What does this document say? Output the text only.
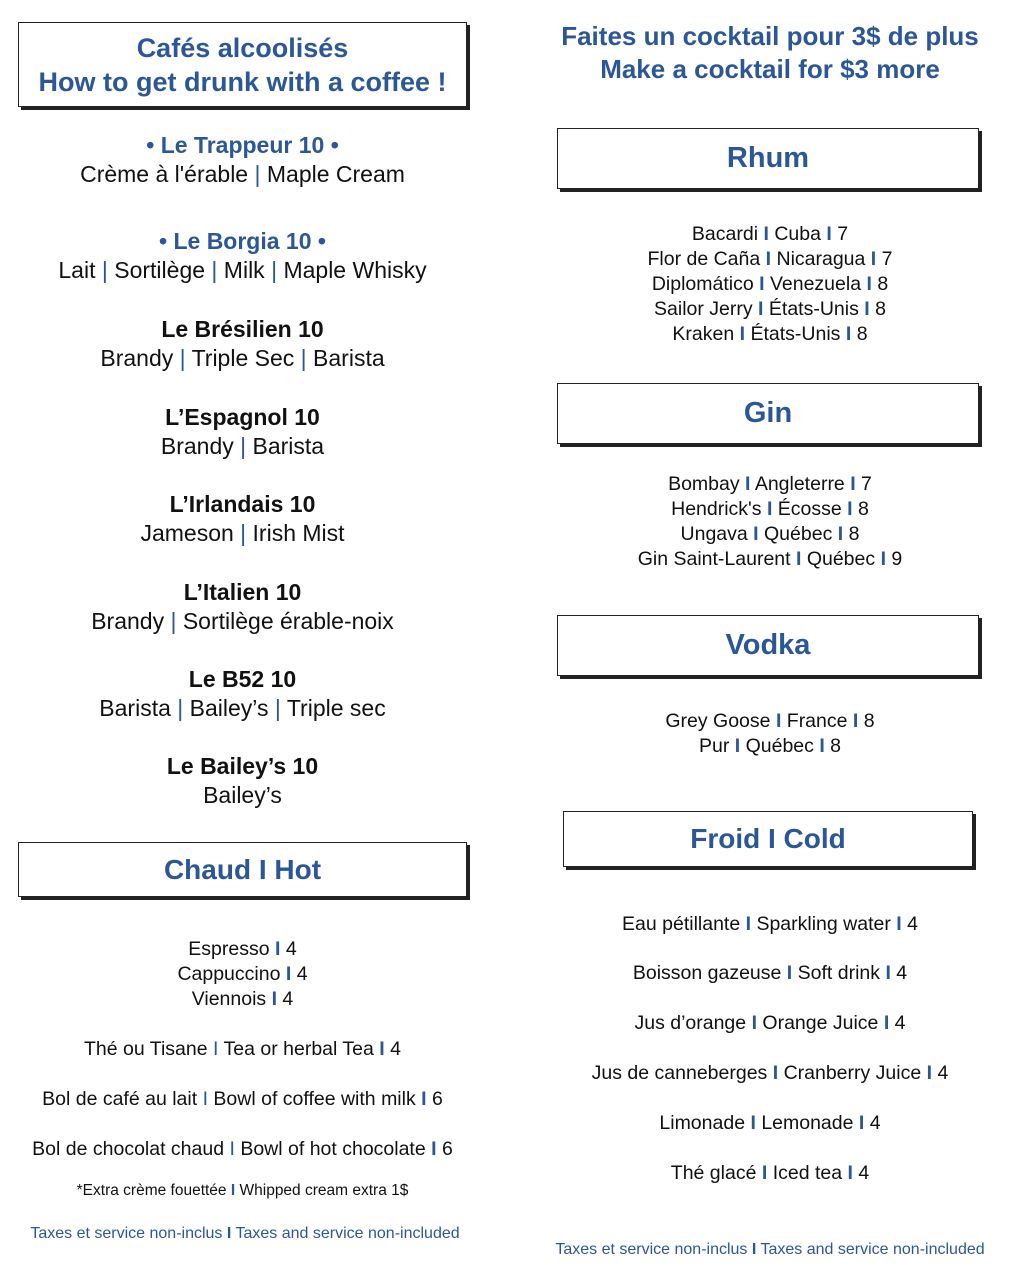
Cafés alcoolisés
How to get drunk with a coffee !
• Le Trappeur 10 •
Crème à l'érable | Maple Cream
• Le Borgia 10 •
Lait | Sortilège | Milk | Maple Whisky
Le Brésilien 10
Brandy | Triple Sec | Barista
L’Espagnol 10
Brandy | Barista
L’Irlandais 10
Jameson | Irish Mist
L’Italien 10
Brandy | Sortilège érable-noix
Le B52 10
Barista | Bailey’s | Triple sec
Le Bailey’s 10
Bailey’s
Chaud I Hot
Espresso I 4
Cappuccino I 4
Viennois I 4
Thé ou Tisane I Tea or herbal Tea I 4
Bol de café au lait I Bowl of coffee with milk I 6
Bol de chocolat chaud I Bowl of hot chocolate I 6
*Extra crème fouettée I Whipped cream extra 1$
Taxes et service non-inclus I Taxes and service non-included
Faites un cocktail pour 3$ de plus
Make a cocktail for $3 more
Rhum
Bacardi I Cuba I 7
Flor de Caña I Nicaragua I 7
Diplomático I Venezuela I 8
Sailor Jerry I États-Unis I 8
Kraken I États-Unis I 8
Gin
Bombay I Angleterre I 7
Hendrick's I Écosse I 8
Ungava I Québec I 8
Gin Saint-Laurent I Québec I 9
Vodka
Grey Goose I France I 8
Pur I Québec I 8
Froid I Cold
Eau pétillante I Sparkling water I 4
Boisson gazeuse I Soft drink I 4
Jus d’orange I Orange Juice I 4
Jus de canneberges I Cranberry Juice I 4
Limonade I Lemonade I 4
Thé glacé I Iced tea I 4
Taxes et service non-inclus I Taxes and service non-included
